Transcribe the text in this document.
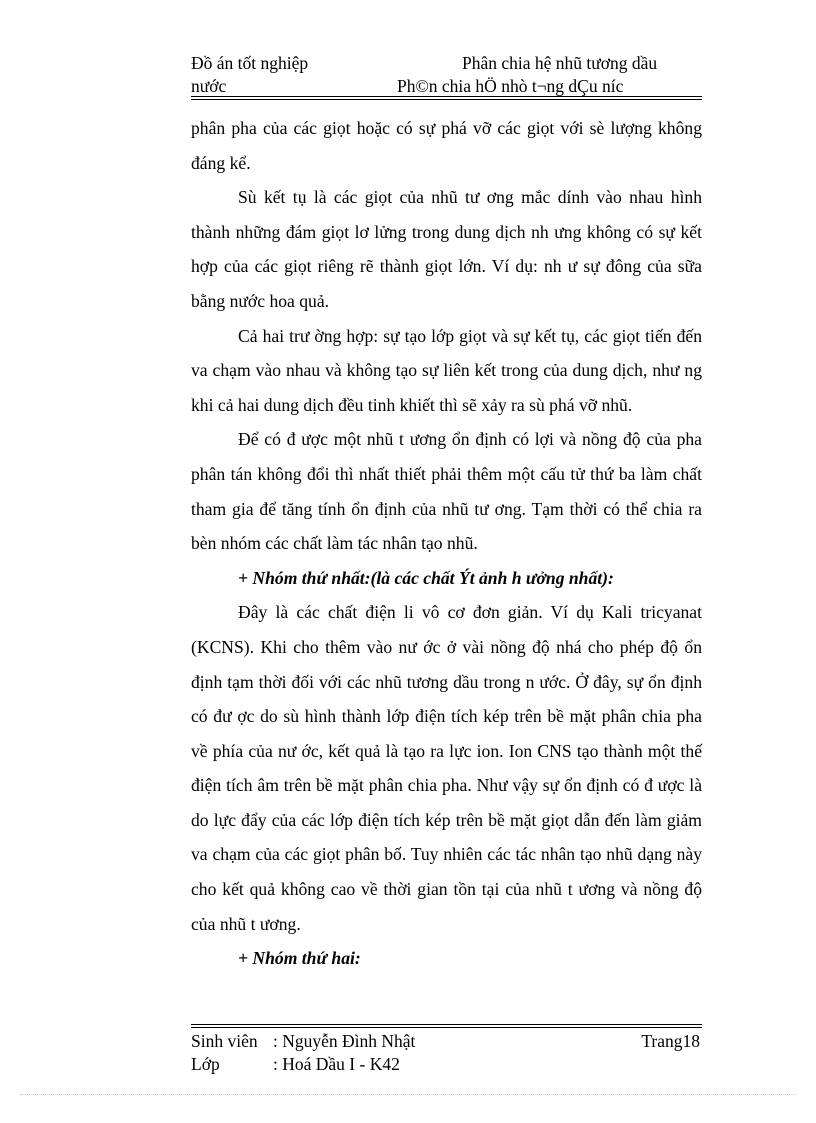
Đồ án tốt nghiệp	Phân chia hệ nhũ tương dầu
nước	Ph©n chia hÖ nhò t¬ng dÇu níc

phân pha của các giọt hoặc có sự phá vỡ các giọt với sè lượng không đáng kể.

Sù kết tụ là các giọt của nhũ tư ơng mắc dính vào nhau hình thành những đám giọt lơ lửng trong dung dịch nh ưng không có sự kết hợp của các giọt riêng rẽ thành giọt lớn. Ví dụ: nh ư sự đông của sữa bằng nước hoa quả.

Cả hai trư ờng hợp: sự tạo lớp giọt và sự kết tụ, các giọt tiến đến va chạm vào nhau và không tạo sự liên kết trong của dung dịch, như ng khi cả hai dung dịch đều tinh khiết thì sẽ xảy ra sù phá vỡ nhũ.

Để có đ ược một nhũ t ương ổn định có lợi và nồng độ của pha phân tán không đổi thì nhất thiết phải thêm một cấu tử thứ ba làm chất tham gia để tăng tính ổn định của nhũ tư ơng. Tạm thời có thể chia ra bèn nhóm các chất làm tác nhân tạo nhũ.

+ Nhóm thứ nhất:(là các chất Ýt ảnh h ưởng nhất):

Đây là các chất điện li vô cơ đơn giản. Ví dụ Kali tricyanat (KCNS). Khi cho thêm vào nư ớc ở vài nồng độ nhá cho phép độ ổn định tạm thời đối với các nhũ tương dầu trong n ước. Ở đây, sự ổn định có đư ợc do sù hình thành lớp điện tích kép trên bề mặt phân chia pha về phía của nư ớc, kết quả là tạo ra lực ion. Ion CNS tạo thành một thế điện tích âm trên bề mặt phân chia pha. Như vậy sự ổn định có đ ược là do lực đẩy của các lớp điện tích kép trên bề mặt giọt dẫn đến làm giảm va chạm của các giọt phân bố. Tuy nhiên các tác nhân tạo nhũ dạng này cho kết quả không cao về thời gian tồn tại của nhũ t ương và nồng độ của nhũ t ương.

+ Nhóm thứ hai:

Sinh viên : Nguyễn Đình Nhật	Trang18
Lớp	: Hoá Dầu I - K42
